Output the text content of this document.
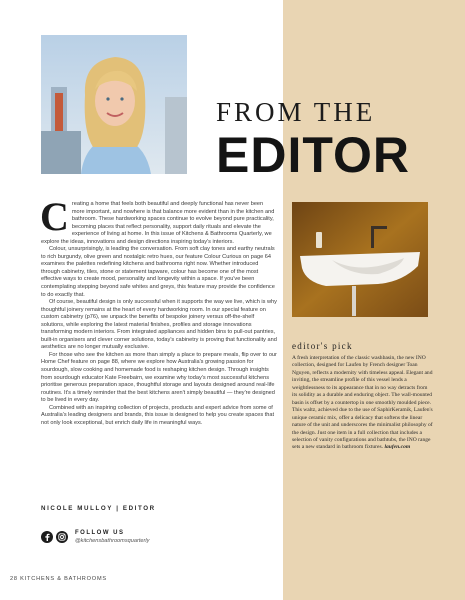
FROM THE
EDITOR

Creating a home that feels both beautiful and deeply functional has never been more important, and nowhere is that balance more evident than in the kitchen and bathroom. These hardworking spaces continue to evolve beyond pure practicality, becoming places that reflect personality, support daily rituals and elevate the experience of living at home. In this issue of Kitchens & Bathrooms Quarterly, we explore the ideas, innovations and design directions inspiring today's interiors.

Colour, unsurprisingly, is leading the conversation. From soft clay tones and earthy neutrals to rich burgundy, olive green and nostalgic retro hues, our feature Colour Curious on page 64 examines the palettes redefining kitchens and bathrooms right now. Whether introduced through cabinetry, tiles, stone or statement tapware, colour has become one of the most effective ways to create mood, personality and longevity within a space. If you've been contemplating stepping beyond safe whites and greys, this feature may provide the confidence to do exactly that.

Of course, beautiful design is only successful when it supports the way we live, which is why thoughtful joinery remains at the heart of every hardworking room. In our special feature on custom cabinetry (p76), we unpack the benefits of bespoke joinery versus off-the-shelf solutions, while exploring the latest material finishes, profiles and storage innovations transforming modern interiors. From integrated appliances and hidden bins to pull-out pantries, built-in organisers and clever corner solutions, today's cabinetry is proving that functionality and aesthetics are no longer mutually exclusive.

For those who see the kitchen as more than simply a place to prepare meals, flip over to our Home Chef feature on page 88, where we explore how Australia's growing passion for sourdough, slow cooking and homemade food is reshaping kitchen design. Through insights from sourdough educator Kate Freebairn, we examine why today's most successful kitchens prioritise generous preparation space, thoughtful storage and layouts designed around real-life routines. It's a timely reminder that the best kitchens aren't simply beautiful — they're designed to be lived in every day.

Combined with an inspiring collection of projects, products and expert advice from some of Australia's leading designers and brands, this issue is designed to help you create spaces that not only look exceptional, but enrich daily life in meaningful ways.

NICOLE MULLOY | EDITOR
FOLLOW US
@kitchensbathroomsquarterly
28 KITCHENS & BATHROOMS
editor's pick
A fresh interpretation of the classic washbasin, the new INO collection, designed for Laufen by French designer Toan Nguyen, reflects a modernity with timeless appeal. Elegant and inviting, the streamline profile of this vessel lends a weightlessness to its appearance that in no way detracts from its solidity as a durable and enduring object. The wall-mounted basin is offset by a countertop in one smoothly moulded piece. This waltz, achieved due to the use of SaphirKeramik, Laufen's unique ceramic mix, offer a delicacy that softens the linear nature of the unit and underscores the minimalist philosophy of the design. Just one item in a full collection that includes a selection of vanity configurations and bathtubs, the INO range sets a new standard in bathroom fixtures. laufen.com
